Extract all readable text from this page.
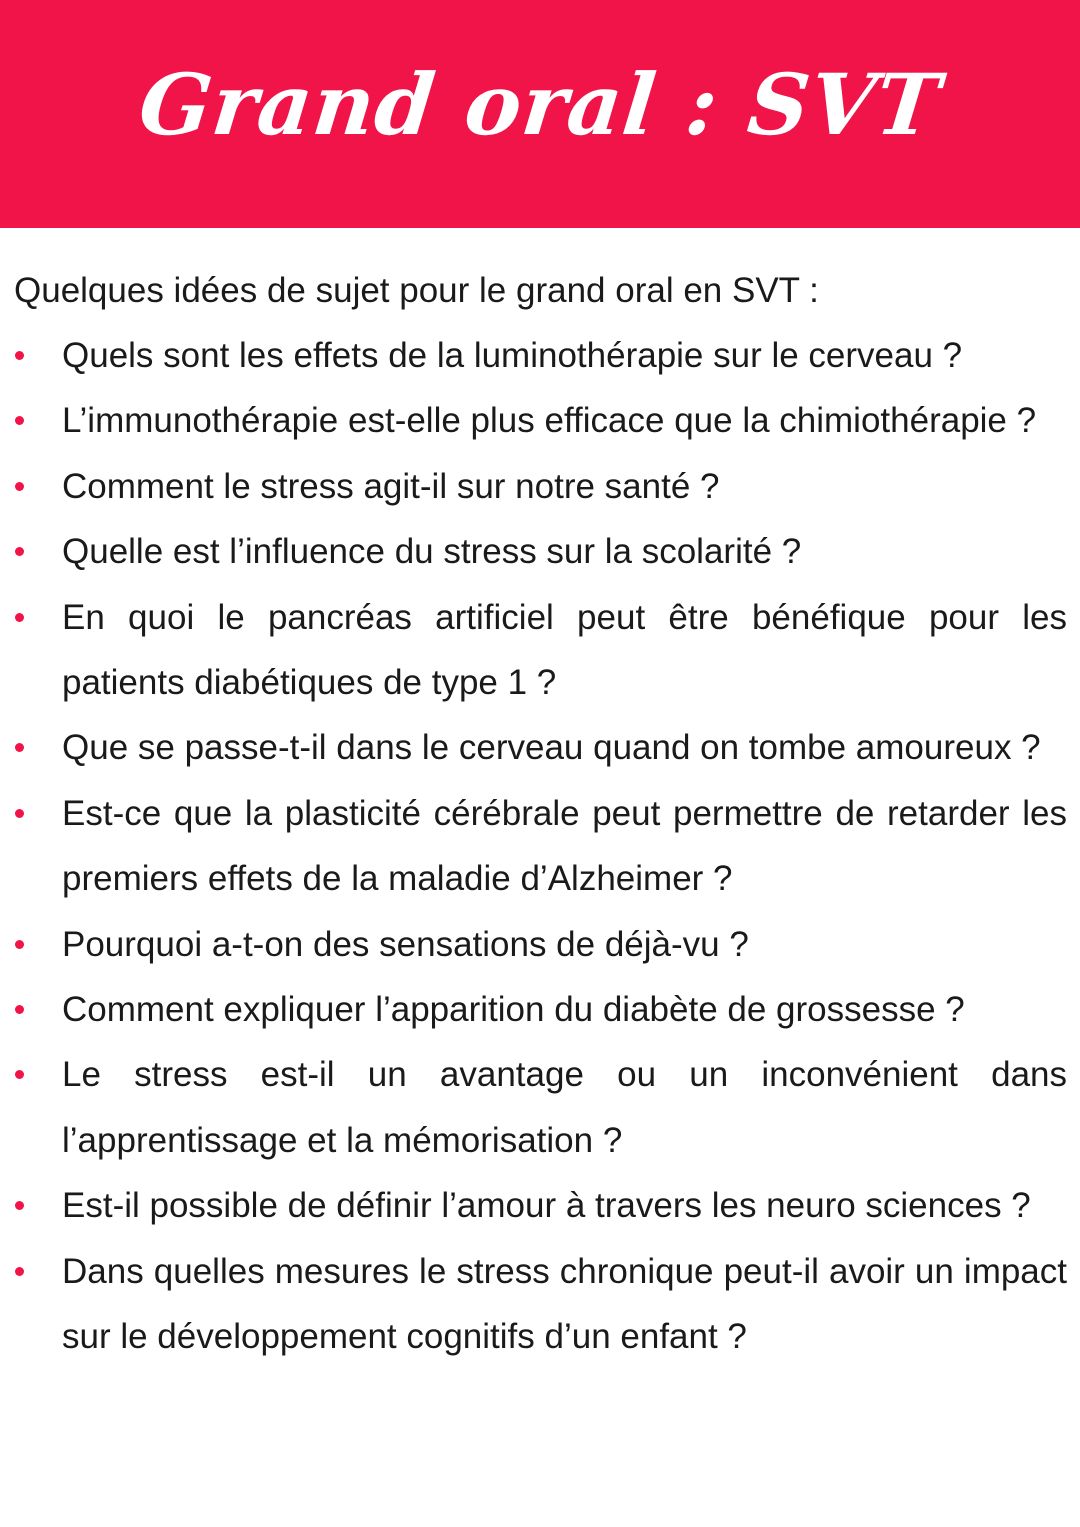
Grand oral : SVT

Quelques idées de sujet pour le grand oral en SVT :

Quels sont les effets de la luminothérapie sur le cerveau ?
L’immunothérapie est-elle plus efficace que la chimiothérapie ?
Comment le stress agit-il sur notre santé ?
Quelle est l’influence du stress sur la scolarité ?
En quoi le pancréas artificiel peut être bénéfique pour les patients diabétiques de type 1 ?
Que se passe-t-il dans le cerveau quand on tombe amoureux ?
Est-ce que la plasticité cérébrale peut permettre de retarder les premiers effets de la maladie d’Alzheimer ?
Pourquoi a-t-on des sensations de déjà-vu ?
Comment expliquer l’apparition du diabète de grossesse ?
Le stress est-il un avantage ou un inconvénient dans l’apprentissage et la mémorisation ?
Est-il possible de définir l’amour à travers les neuro sciences ?
Dans quelles mesures le stress chronique peut-il avoir un impact sur le développement cognitifs d’un enfant ?
